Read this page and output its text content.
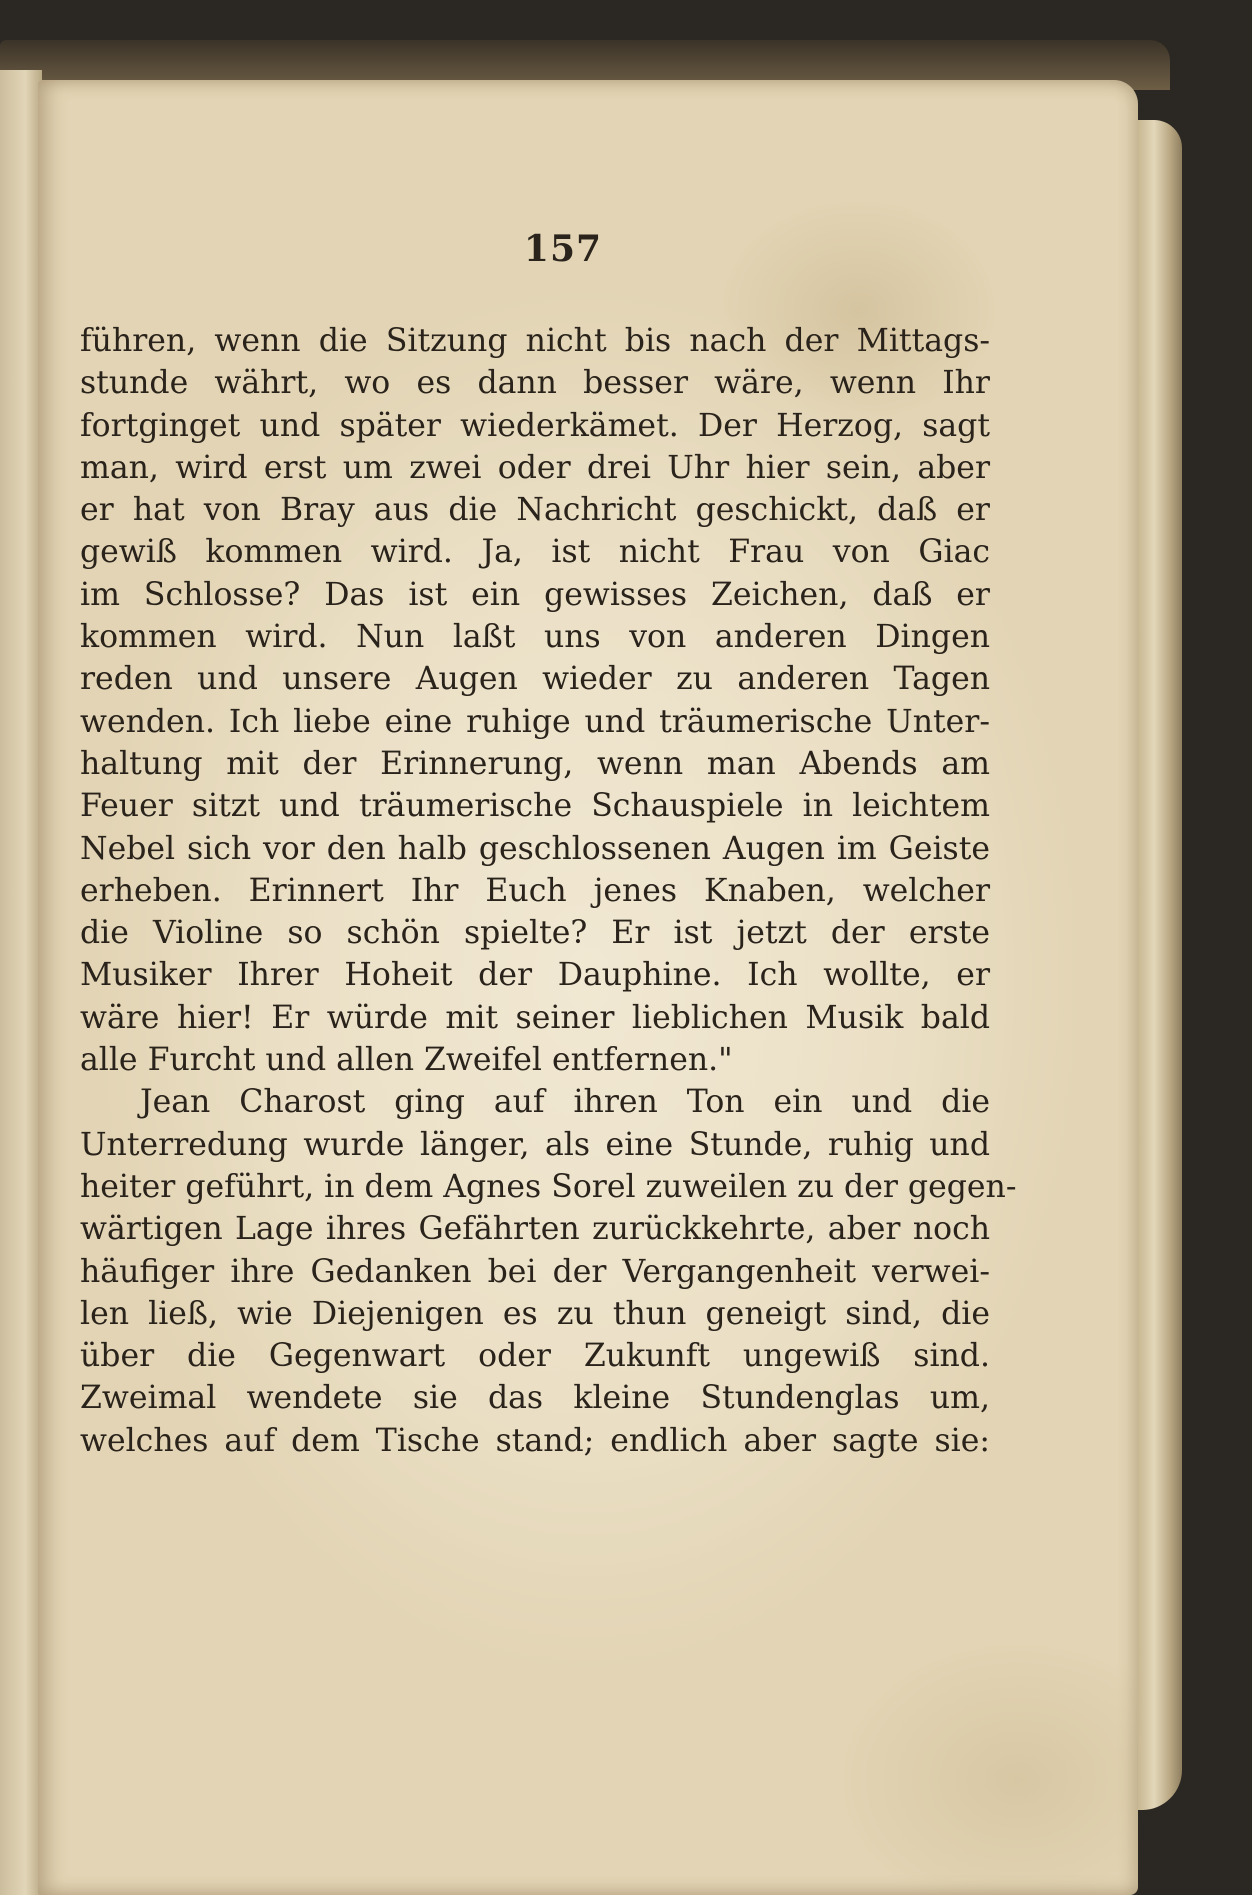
157
führen, wenn die Sitzung nicht bis nach der Mittags-
stunde währt, wo es dann besser wäre, wenn Ihr
fortginget und später wiederkämet. Der Herzog, sagt
man, wird erst um zwei oder drei Uhr hier sein, aber
er hat von Bray aus die Nachricht geschickt, daß er
gewiß kommen wird. Ja, ist nicht Frau von Giac
im Schlosse? Das ist ein gewisses Zeichen, daß er
kommen wird. Nun laßt uns von anderen Dingen
reden und unsere Augen wieder zu anderen Tagen
wenden. Ich liebe eine ruhige und träumerische Unter-
haltung mit der Erinnerung, wenn man Abends am
Feuer sitzt und träumerische Schauspiele in leichtem
Nebel sich vor den halb geschlossenen Augen im Geiste
erheben. Erinnert Ihr Euch jenes Knaben, welcher
die Violine so schön spielte? Er ist jetzt der erste
Musiker Ihrer Hoheit der Dauphine. Ich wollte, er
wäre hier! Er würde mit seiner lieblichen Musik bald
alle Furcht und allen Zweifel entfernen."
Jean Charost ging auf ihren Ton ein und die
Unterredung wurde länger, als eine Stunde, ruhig und
heiter geführt, in dem Agnes Sorel zuweilen zu der gegen-
wärtigen Lage ihres Gefährten zurückkehrte, aber noch
häufiger ihre Gedanken bei der Vergangenheit verwei-
len ließ, wie Diejenigen es zu thun geneigt sind, die
über die Gegenwart oder Zukunft ungewiß sind.
Zweimal wendete sie das kleine Stundenglas um,
welches auf dem Tische stand; endlich aber sagte sie:
